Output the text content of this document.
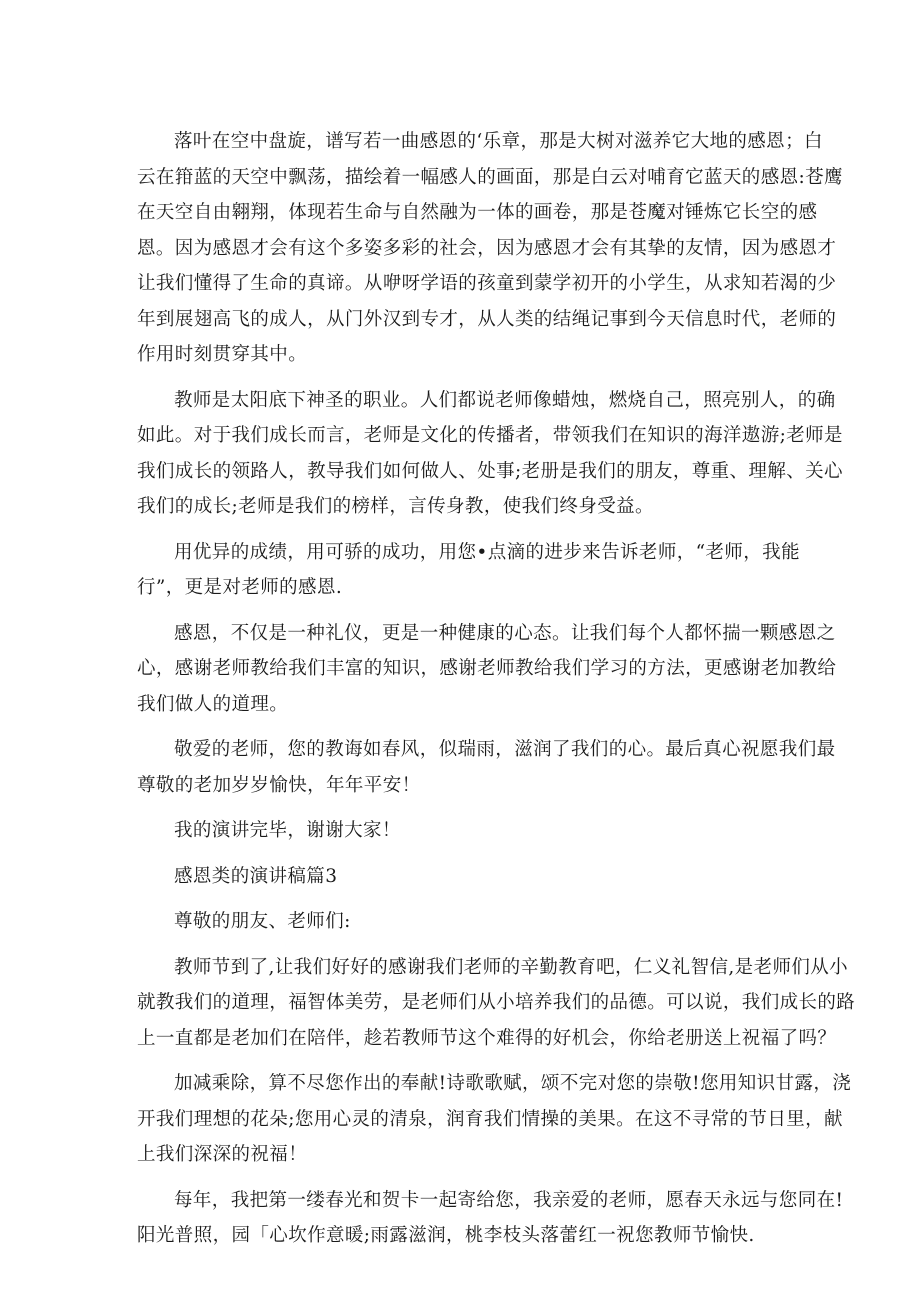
落叶在空中盘旋，谱写若一曲感恩的‘乐章，那是大树对滋养它大地的感恩；白
云在箝蓝的天空中飘荡，描绘着一幅感人的画面，那是白云对哺育它蓝天的感恩:苍鹰
在天空自由翱翔，体现若生命与自然融为一体的画卷，那是苍魔对锤炼它长空的感
恩。因为感恩才会有这个多姿多彩的社会，因为感恩才会有其挚的友情，因为感恩才
让我们懂得了生命的真谛。从咿呀学语的孩童到蒙学初开的小学生，从求知若渴的少
年到展翅高飞的成人，从门外汉到专才，从人类的结绳记事到今天信息时代，老师的
作用时刻贯穿其中。

教师是太阳底下神圣的职业。人们都说老师像蜡烛，燃烧自己，照亮别人，的确
如此。对于我们成长而言，老师是文化的传播者，带领我们在知识的海洋遨游;老师是
我们成长的领路人，教导我们如何做人、处事;老册是我们的朋友，尊重、理解、关心
我们的成长;老师是我们的榜样，言传身教，使我们终身受益。

用优异的成绩，用可骄的成功，用您•点滴的进步来告诉老师，“老师，我能
行”，更是对老师的感恩.

感恩，不仅是一种礼仪，更是一种健康的心态。让我们每个人都怀揣一颗感恩之
心，感谢老师教给我们丰富的知识，感谢老师教给我们学习的方法，更感谢老加教给
我们做人的道理。

敬爱的老师，您的教诲如春风，似瑞雨，滋润了我们的心。最后真心祝愿我们最
尊敬的老加岁岁愉快，年年平安！

我的演讲完毕，谢谢大家！

感恩类的演讲稿篇3

尊敬的朋友、老师们:

教师节到了,让我们好好的感谢我们老师的辛勤教育吧，仁义礼智信,是老师们从小
就教我们的道理，福智体美劳，是老师们从小培养我们的品德。可以说，我们成长的路
上一直都是老加们在陪伴，趁若教师节这个难得的好机会，你给老册送上祝福了吗？

加减乘除，算不尽您作出的奉献!诗歌歌赋，颂不完对您的崇敬!您用知识甘露，浇
开我们理想的花朵;您用心灵的清泉，润育我们情操的美果。在这不寻常的节日里，献
上我们深深的祝福！

每年，我把第一缕春光和贺卡一起寄给您，我亲爱的老师，愿春天永远与您同在!
阳光普照，园「心坎作意暖;雨露滋润，桃李枝头落蕾红一祝您教师节愉快.
